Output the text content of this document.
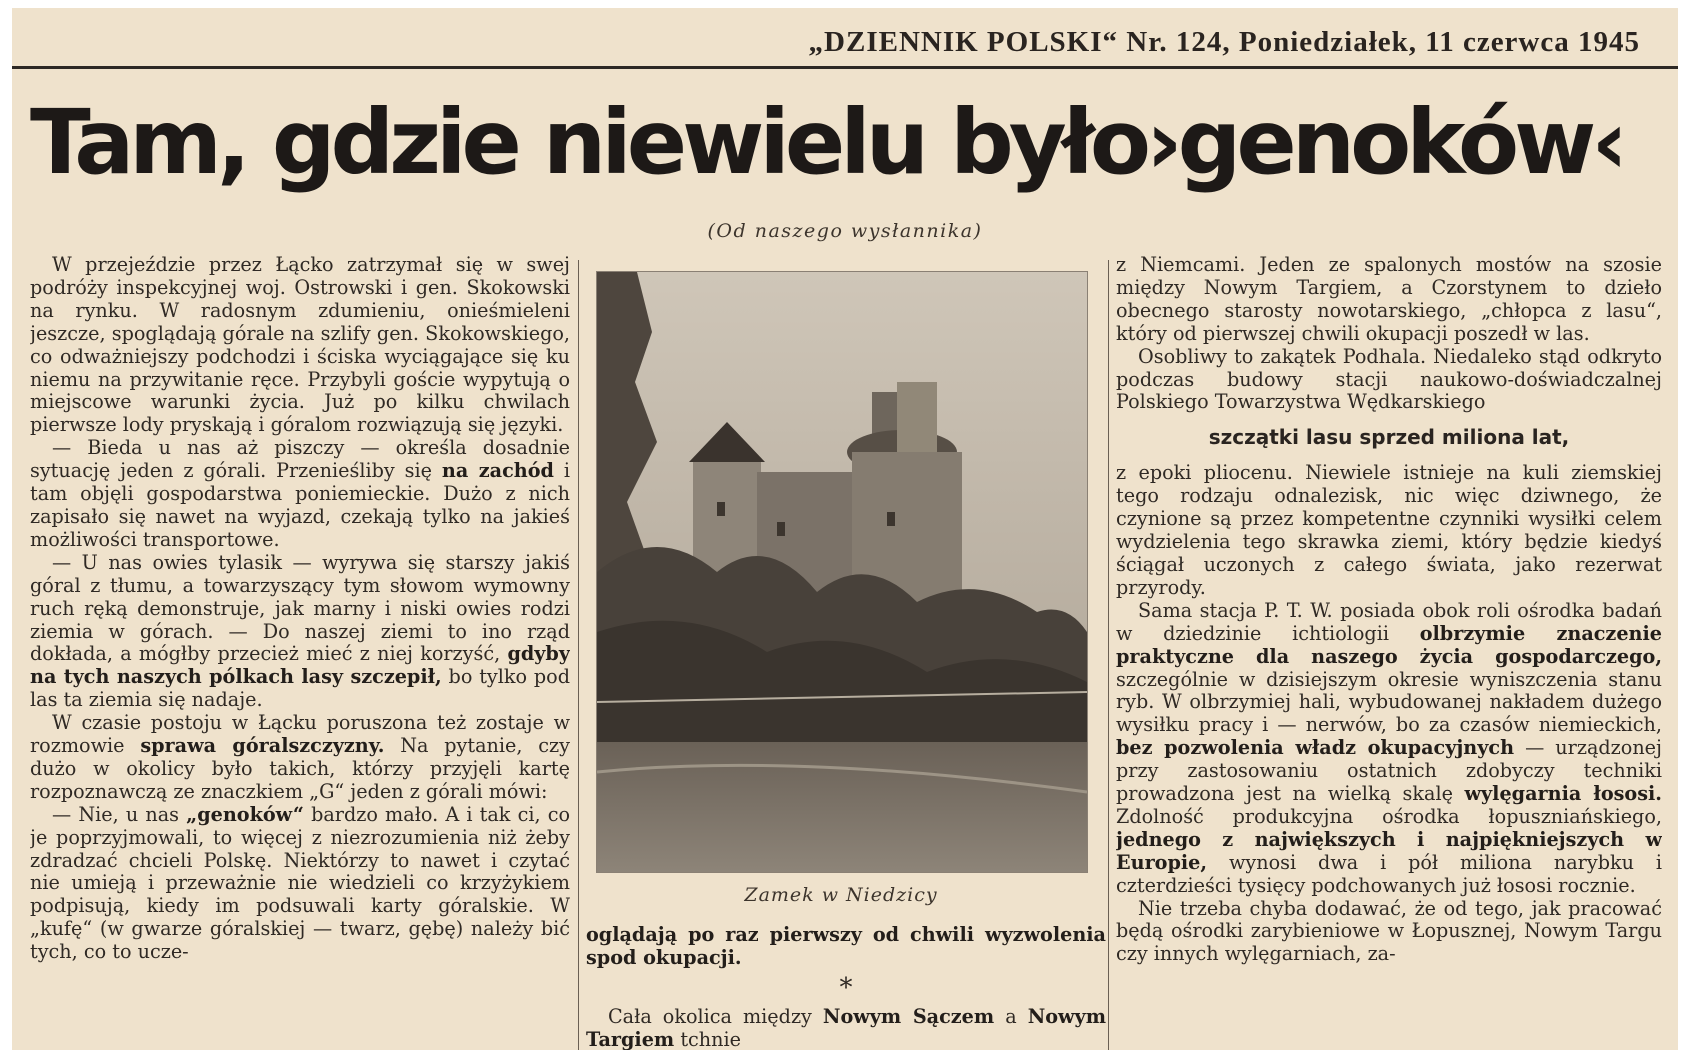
„DZIENNIK POLSKI“ Nr. 124, Poniedziałek, 11 czerwca 1945
Tam, gdzie niewielu było›genoków‹
(Od naszego wysłannika)

W przejeździe przez Łącko zatrzymał się w swej podróży inspekcyjnej woj. Ostrowski i gen. Skokowski na rynku. W radosnym zdumieniu, onieśmieleni jeszcze, spoglądają górale na szlify gen. Skokowskiego, co odważniejszy podchodzi i ściska wyciągające się ku niemu na przywitanie ręce. Przybyli goście wypytują o miejscowe warunki życia. Już po kilku chwilach pierwsze lody pryskają i góralom rozwiązują się języki.

— Bieda u nas aż piszczy — określa dosadnie sytuację jeden z górali. Przenieśliby się na zachód i tam objęli gospodarstwa poniemieckie. Dużo z nich zapisało się nawet na wyjazd, czekają tylko na jakieś możliwości transportowe.

— U nas owies tylasik — wyrywa się starszy jakiś góral z tłumu, a towarzyszący tym słowom wymowny ruch ręką demonstruje, jak marny i niski owies rodzi ziemia w górach. — Do naszej ziemi to ino rząd dokłada, a mógłby przecież mieć z niej korzyść, gdyby na tych naszych pólkach lasy szczepił, bo tylko pod las ta ziemia się nadaje.

W czasie postoju w Łącku poruszona też zostaje w rozmowie sprawa góralszczyzny. Na pytanie, czy dużo w okolicy było takich, którzy przyjęli kartę rozpoznawczą ze znaczkiem „G“ jeden z górali mówi:

— Nie, u nas „genoków“ bardzo mało. A i tak ci, co je poprzyjmowali, to więcej z niezrozumienia niż żeby zdradzać chcieli Polskę. Niektórzy to nawet i czytać nie umieją i przeważnie nie wiedzieli co krzyżykiem podpisują, kiedy im podsuwali karty góralskie. W „kufę“ (w gwarze góralskiej — twarz, gębę) należy bić tych, co to ucze-

Zamek w Niedzicy

oglądają po raz pierwszy od chwili wyzwolenia spod okupacji.

*

Cała okolica między Nowym Sączem a Nowym Targiem tchnie

z Niemcami. Jeden ze spalonych mostów na szosie między Nowym Targiem, a Czorstynem to dzieło obecnego starosty nowotarskiego, „chłopca z lasu“, który od pierwszej chwili okupacji poszedł w las.

Osobliwy to zakątek Podhala. Niedaleko stąd odkryto podczas budowy stacji naukowo-doświadczalnej Polskiego Towarzystwa Wędkarskiego

szczątki lasu sprzed miliona lat,

z epoki pliocenu. Niewiele istnieje na kuli ziemskiej tego rodzaju odnalezisk, nic więc dziwnego, że czynione są przez kompetentne czynniki wysiłki celem wydzielenia tego skrawka ziemi, który będzie kiedyś ściągał uczonych z całego świata, jako rezerwat przyrody.

Sama stacja P. T. W. posiada obok roli ośrodka badań w dziedzinie ichtiologii olbrzymie znaczenie praktyczne dla naszego życia gospodarczego, szczególnie w dzisiejszym okresie wyniszczenia stanu ryb. W olbrzymiej hali, wybudowanej nakładem dużego wysiłku pracy i — nerwów, bo za czasów niemieckich, bez pozwolenia władz okupacyjnych — urządzonej przy zastosowaniu ostatnich zdobyczy techniki prowadzona jest na wielką skalę wylęgarnia łososi. Zdolność produkcyjna ośrodka łopuszniańskiego, jednego z największych i najpiękniejszych w Europie, wynosi dwa i pół miliona narybku i czterdzieści tysięcy podchowanych już łososi rocznie.

Nie trzeba chyba dodawać, że od tego, jak pracować będą ośrodki zarybieniowe w Łopusznej, Nowym Targu czy innych wylęgarniach, za-
